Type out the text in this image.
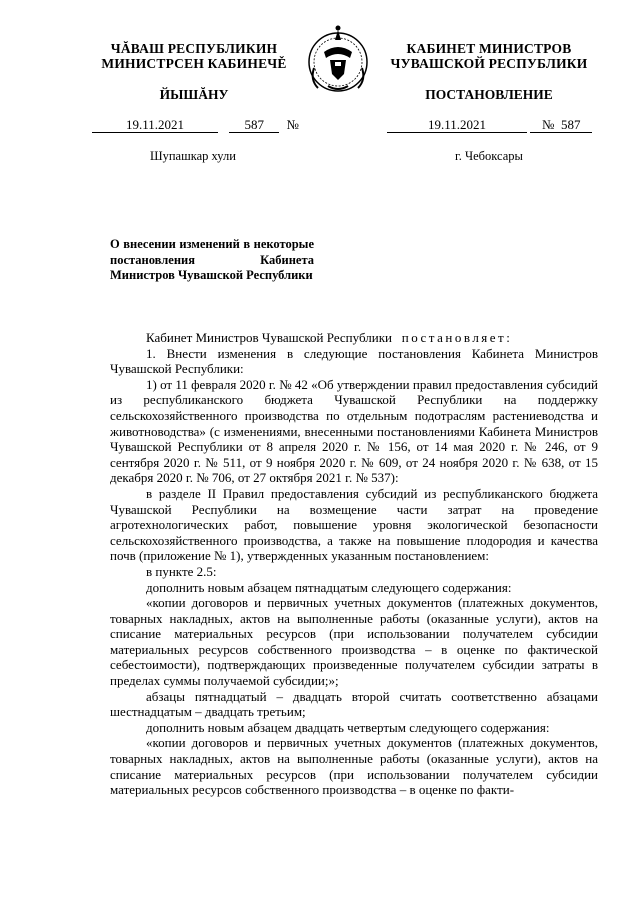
ЧĂВАШ РЕСПУБЛИКИН
МИНИСТРСЕН КАБИНЕЧĚ
КАБИНЕТ МИНИСТРОВ
ЧУВАШСКОЙ РЕСПУБЛИКИ
ЙЫШĂНУ	ПОСТАНОВЛЕНИЕ
19.11.2021	587 №	19.11.2021	№ 587
Шупашкар хули	г. Чебоксары
О внесении изменений в некоторые постановления Кабинета Министров Чувашской Республики

Кабинет Министров Чувашской Республики постановляет:

1. Внести изменения в следующие постановления Кабинета Министров Чувашской Республики:

1) от 11 февраля 2020 г. № 42 «Об утверждении правил предоставления субсидий из республиканского бюджета Чувашской Республики на поддержку сельскохозяйственного производства по отдельным подотраслям растениеводства и животноводства» (с изменениями, внесенными постановлениями Кабинета Министров Чувашской Республики от 8 апреля 2020 г. № 156, от 14 мая 2020 г. № 246, от 9 сентября 2020 г. № 511, от 9 ноября 2020 г. № 609, от 24 ноября 2020 г. № 638, от 15 декабря 2020 г. № 706, от 27 октября 2021 г. № 537):

в разделе II Правил предоставления субсидий из республиканского бюджета Чувашской Республики на возмещение части затрат на проведение агротехнологических работ, повышение уровня экологической безопасности сельскохозяйственного производства, а также на повышение плодородия и качества почв (приложение № 1), утвержденных указанным постановлением:

в пункте 2.5:

дополнить новым абзацем пятнадцатым следующего содержания:

«копии договоров и первичных учетных документов (платежных документов, товарных накладных, актов на выполненные работы (оказанные услуги), актов на списание материальных ресурсов (при использовании получателем субсидии материальных ресурсов собственного производства – в оценке по фактической себестоимости), подтверждающих произведенные получателем субсидии затраты в пределах суммы получаемой субсидии;»;

абзацы пятнадцатый – двадцать второй считать соответственно абзацами шестнадцатым – двадцать третьим;

дополнить новым абзацем двадцать четвертым следующего содержания:

«копии договоров и первичных учетных документов (платежных документов, товарных накладных, актов на выполненные работы (оказанные услуги), актов на списание материальных ресурсов (при использовании получателем субсидии материальных ресурсов собственного производства – в оценке по факти-
